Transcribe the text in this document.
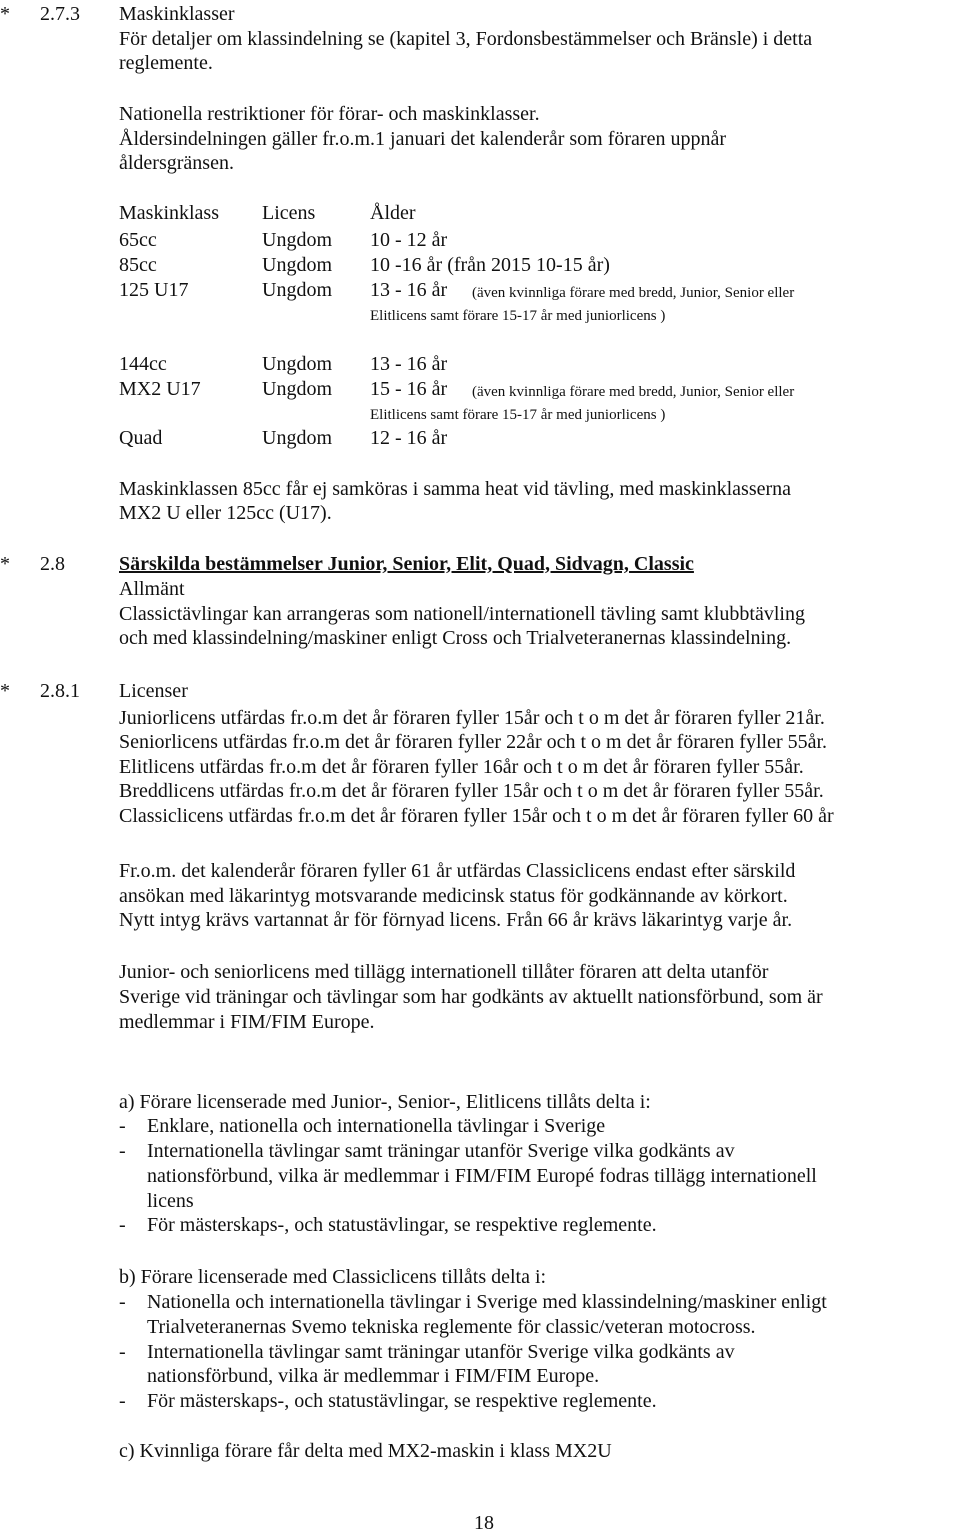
* 2.7.3 Maskinklasser
För detaljer om klassindelning se (kapitel 3, Fordonsbestämmelser och Bränsle) i detta
reglemente.
Nationella restriktioner för förar- och maskinklasser.
Åldersindelningen gäller fr.o.m.1 januari det kalenderår som föraren uppnår
åldersgränsen.
Maskinklass Licens	Ålder
65cc	Ungdom 10 - 12 år
85cc	Ungdom 10 -16 år (från 2015 10-15 år)
125 U17	Ungdom 13 - 16 år (även kvinnliga förare med bredd, Junior, Senior eller
Elitlicens samt förare 15-17 år med juniorlicens )
144cc	Ungdom 13 - 16 år
MX2 U17	Ungdom 15 - 16 år (även kvinnliga förare med bredd, Junior, Senior eller
Elitlicens samt förare 15-17 år med juniorlicens )
Quad	Ungdom 12 - 16 år
Maskinklassen 85cc får ej samköras i samma heat vid tävling, med maskinklasserna
MX2 U eller 125cc (U17).
* 2.8	Särskilda bestämmelser Junior, Senior, Elit, Quad, Sidvagn, Classic
Allmänt
Classictävlingar kan arrangeras som nationell/internationell tävling samt klubbtävling
och med klassindelning/maskiner enligt Cross och Trialveteranernas klassindelning.
* 2.8.1 Licenser
Juniorlicens utfärdas fr.o.m det år föraren fyller 15år och t o m det år föraren fyller 21år.
Seniorlicens utfärdas fr.o.m det år föraren fyller 22år och t o m det år föraren fyller 55år.
Elitlicens utfärdas fr.o.m det år föraren fyller 16år och t o m det år föraren fyller 55år.
Breddlicens utfärdas fr.o.m det år föraren fyller 15år och t o m det år föraren fyller 55år.
Classiclicens utfärdas fr.o.m det år föraren fyller 15år och t o m det år föraren fyller 60 år
Fr.o.m. det kalenderår föraren fyller 61 år utfärdas Classiclicens endast efter särskild
ansökan med läkarintyg motsvarande medicinsk status för godkännande av körkort.
Nytt intyg krävs vartannat år för förnyad licens. Från 66 år krävs läkarintyg varje år.
Junior- och seniorlicens med tillägg internationell tillåter föraren att delta utanför
Sverige vid träningar och tävlingar som har godkänts av aktuellt nationsförbund, som är
medlemmar i FIM/FIM Europe.
a) Förare licenserade med Junior-, Senior-, Elitlicens tillåts delta i:
- Enklare, nationella och internationella tävlingar i Sverige
- Internationella tävlingar samt träningar utanför Sverige vilka godkänts av
nationsförbund, vilka är medlemmar i FIM/FIM Europé fodras tillägg internationell
licens
- För mästerskaps-, och statustävlingar, se respektive reglemente.
b) Förare licenserade med Classiclicens tillåts delta i:
- Nationella och internationella tävlingar i Sverige med klassindelning/maskiner enligt
Trialveteranernas Svemo tekniska reglemente för classic/veteran motocross.
- Internationella tävlingar samt träningar utanför Sverige vilka godkänts av
nationsförbund, vilka är medlemmar i FIM/FIM Europe.
- För mästerskaps-, och statustävlingar, se respektive reglemente.
c) Kvinnliga förare får delta med MX2-maskin i klass MX2U
18
